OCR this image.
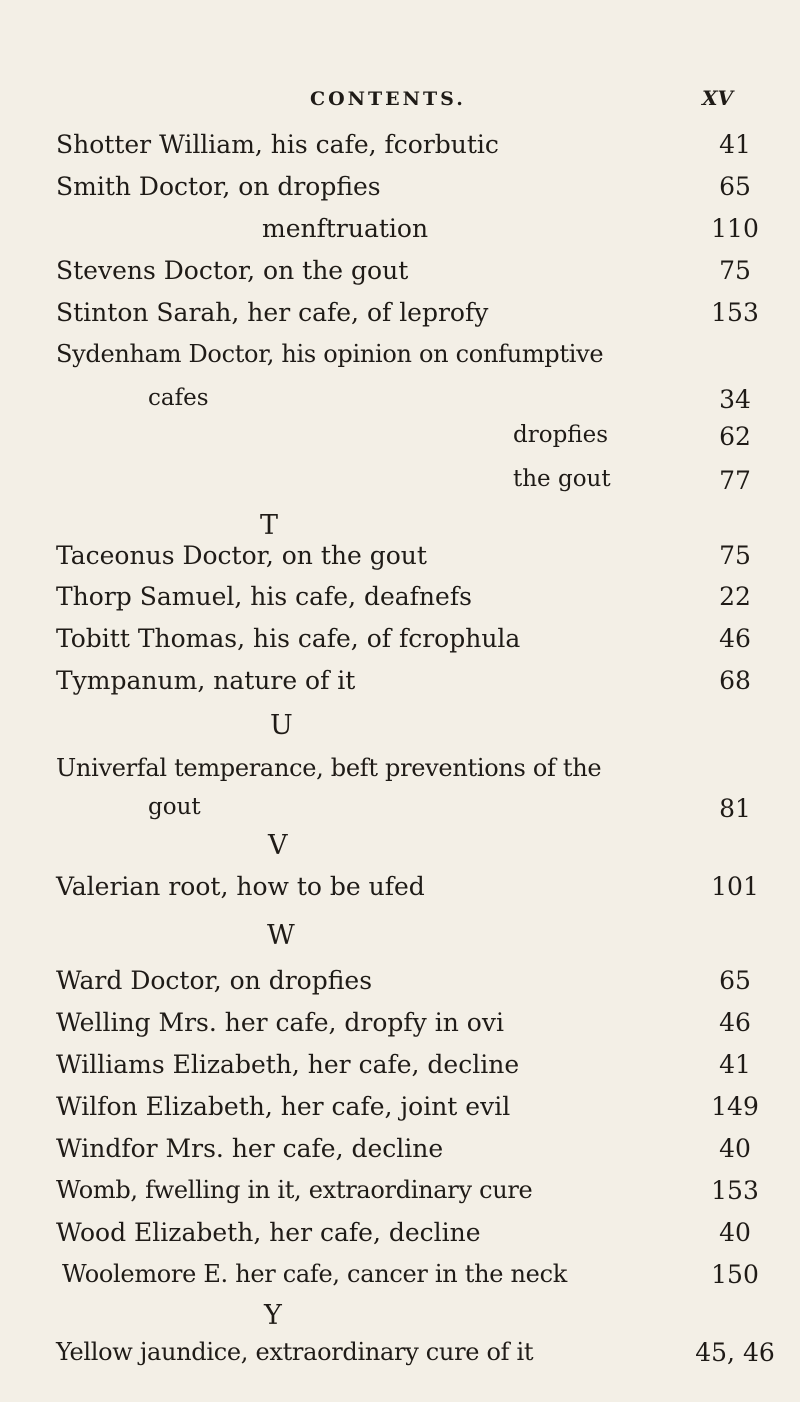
CONTENTS.	XV
Shotter William, his cafe, fcorbutic	41
Smith Doctor, on dropfies	65
menftruation	110
Stevens Doctor, on the gout	75
Stinton Sarah, her cafe, of leprofy	153
Sydenham Doctor, his opinion on confumptive
cafes	34
dropfies	62
the gout	77
T
Taceonus Doctor, on the gout	75
Thorp Samuel, his cafe, deafnefs	22
Tobitt Thomas, his cafe, of fcrophula	46
Tympanum, nature of it	68
U
Univerfal temperance, beft preventions of the
gout	81
V
Valerian root, how to be ufed	101
W
Ward Doctor, on dropfies	65
Welling Mrs. her cafe, dropfy in ovi	46
Williams Elizabeth, her cafe, decline	41
Wilfon Elizabeth, her cafe, joint evil	149
Windfor Mrs. her cafe, decline	40
Womb, fwelling in it, extraordinary cure	153
Wood Elizabeth, her cafe, decline	40
Woolemore E. her cafe, cancer in the neck	150
Y
Yellow jaundice, extraordinary cure of it	45, 46
